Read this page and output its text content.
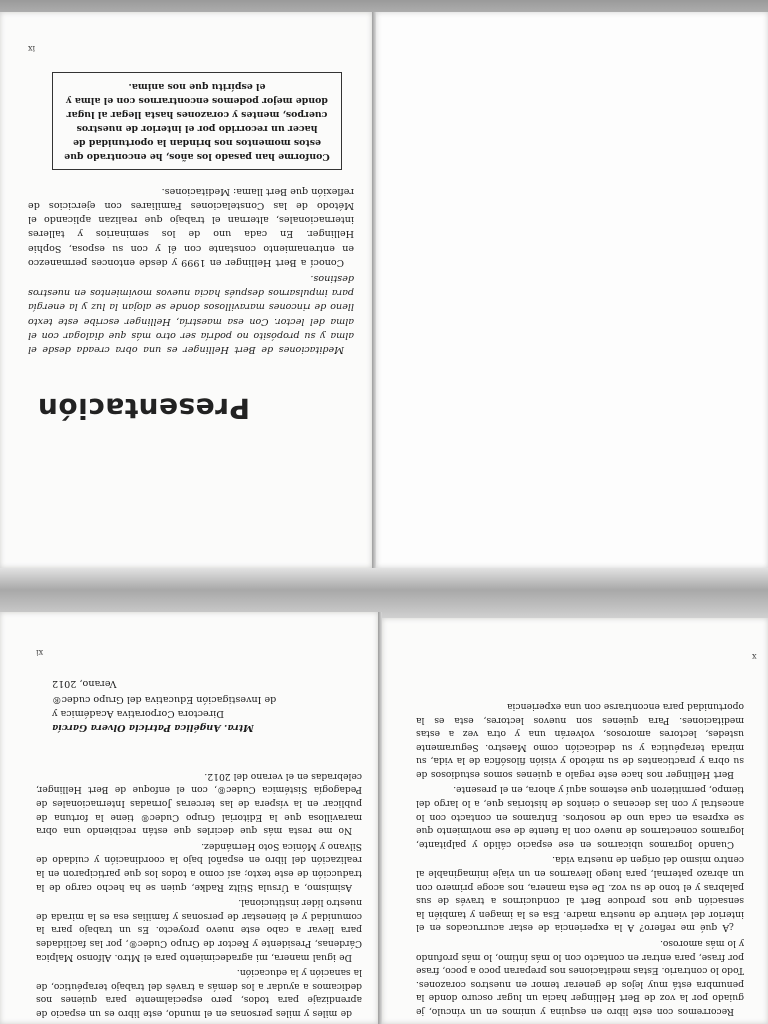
ix
Conforme han pasado los años, he encontrado que estos momentos nos brindan la oportunidad de hacer un recorrido por el interior de nuestros cuerpos, mentes y corazones hasta llegar al lugar donde mejor podemos encontrarnos con el alma y el espíritu que nos anima.

Meditaciones de Bert Hellinger es una obra creada desde el alma y su propósito no podría ser otro más que dialogar con el alma del lector. Con esa maestría, Hellinger escribe este texto lleno de rincones maravillosos donde se alojan la luz y la energía para impulsarnos después hacia nuevos movimientos en nuestros destinos.

Conocí a Bert Hellinger en 1999 y desde entonces permanezco en entrenamiento constante con él y con su esposa, Sophie Hellinger. En cada uno de los seminarios y talleres internacionales, alternan el trabajo que realizan aplicando el Método de las Constelaciones Familiares con ejercicios de reflexión que Bert llama: Meditaciones.

Presentación
x
xi

Recorremos con este libro en esquina y unimos en un vínculo, je guiado por la voz de Bert Hellinger hacia un lugar oscuro donde la penumbra está muy lejos de generar temor en nuestros corazones. Todo lo contrario. Estas meditaciones nos preparan poco a poco, frase por frase, para entrar en contacto con lo más íntimo, lo más profundo y lo más amoroso.

¿A qué me refiero? A la experiencia de estar acurrucados en el interior del vientre de nuestra madre. Esa es la imagen y también la sensación que nos produce Bert al conducirnos a través de sus palabras y el tono de su voz. De esta manera, nos acoge primero con un abrazo paternal, para luego llevarnos en un viaje inimaginable al centro mismo del origen de nuestra vida.

Cuando logramos ubicarnos en ese espacio cálido y palpitante, logramos conectarnos de nuevo con la fuente de ese movimiento que se expresa en cada uno de nosotros. Entramos en contacto con lo ancestral y con las decenas o cientos de historias que, a lo largo del tiempo, permitieron que estemos aquí y ahora, en el presente.

Bert Hellinger nos hace este regalo a quienes somos estudiosos de su obra y practicantes de su método y visión filosófica de la vida, su mirada terapéutica y su dedicación como Maestro. Seguramente ustedes, lectores amorosos, volverán una y otra vez a estas meditaciones. Para quienes son nuevos lectores, esta es la oportunidad para encontrarse con una experiencia

Mtra. Angélica Patricia Olvera García
Directora Corporativa Académica y
de Investigación Educativa del Grupo cudec®
Verano, 2012

de miles y miles personas en el mundo, este libro es un espacio de aprendizaje para todos, pero especialmente para quienes nos dedicamos a ayudar a los demás a través del trabajo terapéutico, de la sanación y la educación.

De igual manera, mi agradecimiento para el Mtro. Alfonso Malpica Cárdenas, Presidente y Rector de Grupo Cudec®, por las facilidades para llevar a cabo este nuevo proyecto. Es un trabajo para la comunidad y el bienestar de personas y familias esa es la mirada de nuestro líder institucional.

Asimismo, a Úrsula Stiltz Radke, quien se ha hecho cargo de la traducción de este texto; así como a todos los que participaron en la realización del libro en español bajo la coordinación y cuidado de Silvano y Mónica Soto Hernández.

No me resta más que decirles que están recibiendo una obra maravillosa que la Editorial Grupo Cudec® tiene la fortuna de publicar en la víspera de las terceras Jornadas Internacionales de Pedagogía Sistémica Cudec®, con el enfoque de Bert Hellinger, celebradas en el verano del 2012.
